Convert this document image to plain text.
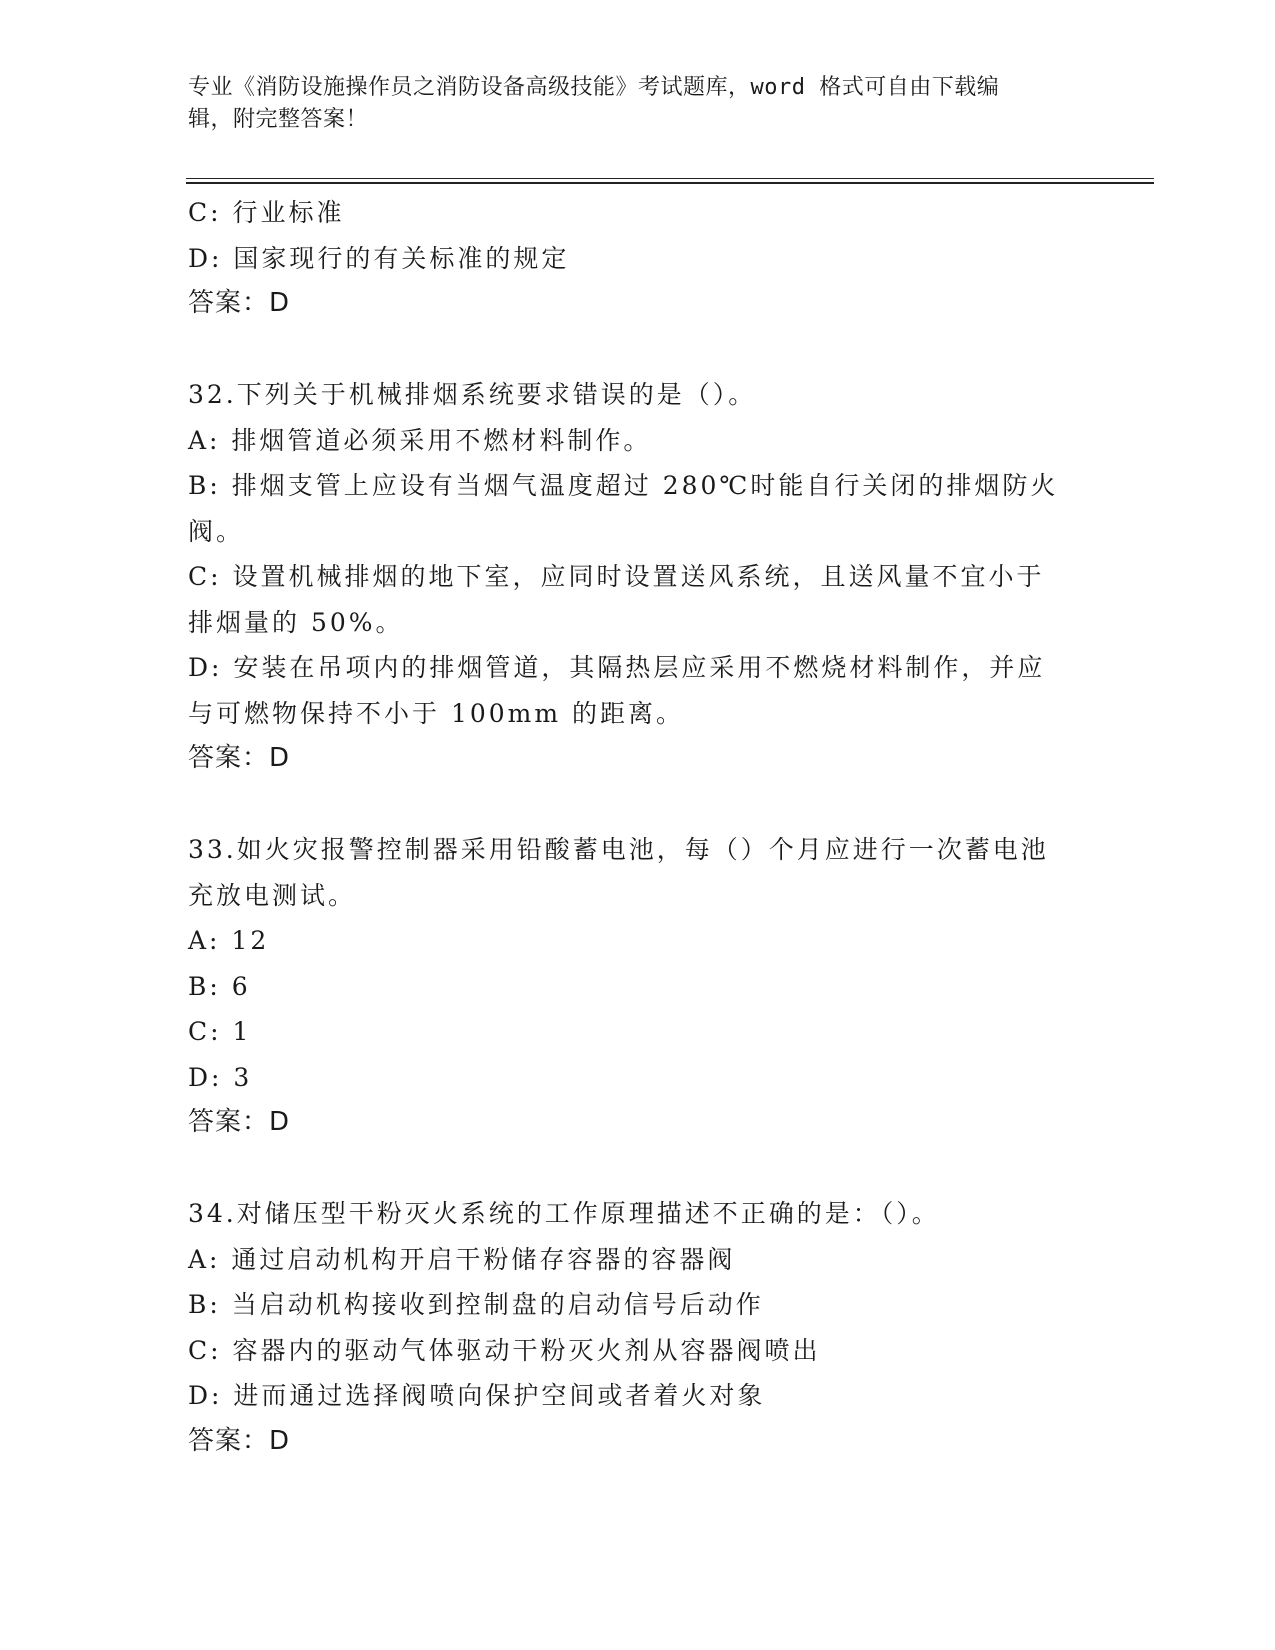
专业《消防设施操作员之消防设备高级技能》考试题库，word 格式可自由下载编
辑，附完整答案！

C: 行业标准

D: 国家现行的有关标准的规定

答案：D

32.下列关于机械排烟系统要求错误的是（）。

A: 排烟管道必须采用不燃材料制作。

B: 排烟支管上应设有当烟气温度超过 280℃时能自行关闭的排烟防火

阀。

C: 设置机械排烟的地下室，应同时设置送风系统，且送风量不宜小于

排烟量的 50%。

D: 安装在吊项内的排烟管道，其隔热层应采用不燃烧材料制作，并应

与可燃物保持不小于 100mm 的距离。

答案：D

33.如火灾报警控制器采用铅酸蓄电池，每（）个月应进行一次蓄电池

充放电测试。

A: 12

B: 6

C: 1

D: 3

答案：D

34.对储压型干粉灭火系统的工作原理描述不正确的是：（）。

A: 通过启动机构开启干粉储存容器的容器阀

B: 当启动机构接收到控制盘的启动信号后动作

C: 容器内的驱动气体驱动干粉灭火剂从容器阀喷出

D: 进而通过选择阀喷向保护空间或者着火对象

答案：D
